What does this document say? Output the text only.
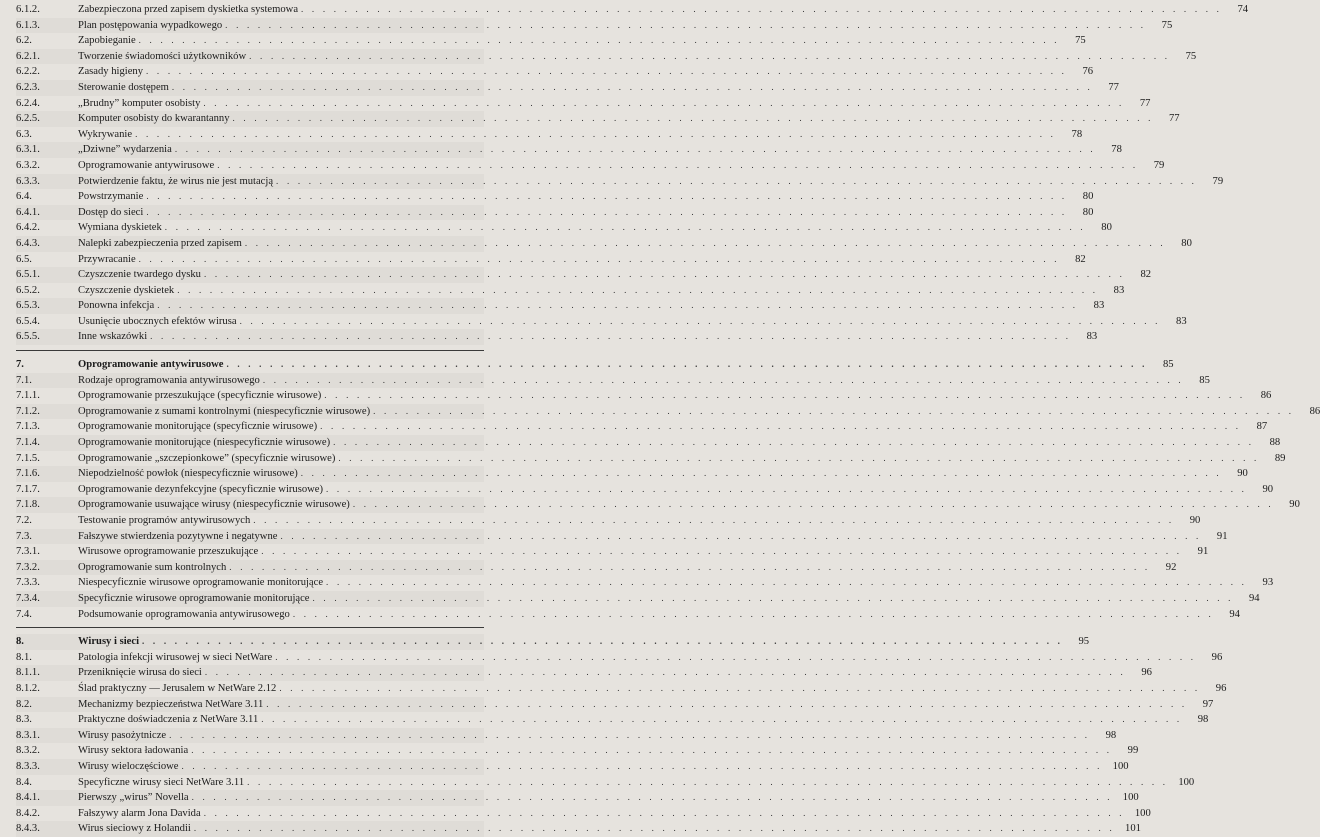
6.1.2.	Zabezpieczona przed zapisem dyskietka systemowa . . . . . . . . . . . . . . . . . . . . . . . . . . . . . . . . . . . . . . . . . . . . . . . . . . . . . . . . . . . . . . . . . . . . . . . . . . . . . . . . . . . . .	74
6.1.3.	Plan postępowania wypadkowego . . . . . . . . . . . . . . . . . . . . . . . . . . . . . . . . . . . . . . . . . . . . . . . . . . . . . . . . . . . . . . . . . . . . . . . . . . . . . . . . . . . . .	75
6.2.	Zapobieganie . . . . . . . . . . . . . . . . . . . . . . . . . . . . . . . . . . . . . . . . . . . . . . . . . . . . . . . . . . . . . . . . . . . . . . . . . . . . . . . . . . . . .	75
6.2.1.	Tworzenie świadomości użytkowników . . . . . . . . . . . . . . . . . . . . . . . . . . . . . . . . . . . . . . . . . . . . . . . . . . . . . . . . . . . . . . . . . . . . . . . . . . . . . . . . . . . . .	75
6.2.2.	Zasady higieny . . . . . . . . . . . . . . . . . . . . . . . . . . . . . . . . . . . . . . . . . . . . . . . . . . . . . . . . . . . . . . . . . . . . . . . . . . . . . . . . . . . . .	76
6.2.3.	Sterowanie dostępem . . . . . . . . . . . . . . . . . . . . . . . . . . . . . . . . . . . . . . . . . . . . . . . . . . . . . . . . . . . . . . . . . . . . . . . . . . . . . . . . . . . . .	77
6.2.4.	„Brudny” komputer osobisty . . . . . . . . . . . . . . . . . . . . . . . . . . . . . . . . . . . . . . . . . . . . . . . . . . . . . . . . . . . . . . . . . . . . . . . . . . . . . . . . . . . . .	77
6.2.5.	Komputer osobisty do kwarantanny . . . . . . . . . . . . . . . . . . . . . . . . . . . . . . . . . . . . . . . . . . . . . . . . . . . . . . . . . . . . . . . . . . . . . . . . . . . . . . . . . . . . .	77
6.3.	Wykrywanie . . . . . . . . . . . . . . . . . . . . . . . . . . . . . . . . . . . . . . . . . . . . . . . . . . . . . . . . . . . . . . . . . . . . . . . . . . . . . . . . . . . . .	78
6.3.1.	„Dziwne” wydarzenia . . . . . . . . . . . . . . . . . . . . . . . . . . . . . . . . . . . . . . . . . . . . . . . . . . . . . . . . . . . . . . . . . . . . . . . . . . . . . . . . . . . . .	78
6.3.2.	Oprogramowanie antywirusowe . . . . . . . . . . . . . . . . . . . . . . . . . . . . . . . . . . . . . . . . . . . . . . . . . . . . . . . . . . . . . . . . . . . . . . . . . . . . . . . . . . . . .	79
6.3.3.	Potwierdzenie faktu, że wirus nie jest mutacją . . . . . . . . . . . . . . . . . . . . . . . . . . . . . . . . . . . . . . . . . . . . . . . . . . . . . . . . . . . . . . . . . . . . . . . . . . . . . . . . . . . . .	79
6.4.	Powstrzymanie . . . . . . . . . . . . . . . . . . . . . . . . . . . . . . . . . . . . . . . . . . . . . . . . . . . . . . . . . . . . . . . . . . . . . . . . . . . . . . . . . . . . .	80
6.4.1.	Dostęp do sieci . . . . . . . . . . . . . . . . . . . . . . . . . . . . . . . . . . . . . . . . . . . . . . . . . . . . . . . . . . . . . . . . . . . . . . . . . . . . . . . . . . . . .	80
6.4.2.	Wymiana dyskietek . . . . . . . . . . . . . . . . . . . . . . . . . . . . . . . . . . . . . . . . . . . . . . . . . . . . . . . . . . . . . . . . . . . . . . . . . . . . . . . . . . . . .	80
6.4.3.	Nalepki zabezpieczenia przed zapisem . . . . . . . . . . . . . . . . . . . . . . . . . . . . . . . . . . . . . . . . . . . . . . . . . . . . . . . . . . . . . . . . . . . . . . . . . . . . . . . . . . . . .	80
6.5.	Przywracanie . . . . . . . . . . . . . . . . . . . . . . . . . . . . . . . . . . . . . . . . . . . . . . . . . . . . . . . . . . . . . . . . . . . . . . . . . . . . . . . . . . . . .	82
6.5.1.	Czyszczenie twardego dysku . . . . . . . . . . . . . . . . . . . . . . . . . . . . . . . . . . . . . . . . . . . . . . . . . . . . . . . . . . . . . . . . . . . . . . . . . . . . . . . . . . . . .	82
6.5.2.	Czyszczenie dyskietek . . . . . . . . . . . . . . . . . . . . . . . . . . . . . . . . . . . . . . . . . . . . . . . . . . . . . . . . . . . . . . . . . . . . . . . . . . . . . . . . . . . . .	83
6.5.3.	Ponowna infekcja . . . . . . . . . . . . . . . . . . . . . . . . . . . . . . . . . . . . . . . . . . . . . . . . . . . . . . . . . . . . . . . . . . . . . . . . . . . . . . . . . . . . .	83
6.5.4.	Usunięcie ubocznych efektów wirusa . . . . . . . . . . . . . . . . . . . . . . . . . . . . . . . . . . . . . . . . . . . . . . . . . . . . . . . . . . . . . . . . . . . . . . . . . . . . . . . . . . . . .	83
6.5.5.	Inne wskazówki . . . . . . . . . . . . . . . . . . . . . . . . . . . . . . . . . . . . . . . . . . . . . . . . . . . . . . . . . . . . . . . . . . . . . . . . . . . . . . . . . . . . .	83
7.	Oprogramowanie antywirusowe . . . . . . . . . . . . . . . . . . . . . . . . . . . . . . . . . . . . . . . . . . . . . . . . . . . . . . . . . . . . . . . . . . . . . . . . . . . . . . . . . . . . .	85
7.1.	Rodzaje oprogramowania antywirusowego . . . . . . . . . . . . . . . . . . . . . . . . . . . . . . . . . . . . . . . . . . . . . . . . . . . . . . . . . . . . . . . . . . . . . . . . . . . . . . . . . . . . .	85
7.1.1.	Oprogramowanie przeszukujące (specyficznie wirusowe) . . . . . . . . . . . . . . . . . . . . . . . . . . . . . . . . . . . . . . . . . . . . . . . . . . . . . . . . . . . . . . . . . . . . . . . . . . . . . . . . . . . . .	86
7.1.2.	Oprogramowanie z sumami kontrolnymi (niespecyficznie wirusowe) . . . . . . . . . . . . . . . . . . . . . . . . . . . . . . . . . . . . . . . . . . . . . . . . . . . . . . . . . . . . . . . . . . . . . . . . . . . . . . . . . . . . .	86
7.1.3.	Oprogramowanie monitorujące (specyficznie wirusowe) . . . . . . . . . . . . . . . . . . . . . . . . . . . . . . . . . . . . . . . . . . . . . . . . . . . . . . . . . . . . . . . . . . . . . . . . . . . . . . . . . . . . .	87
7.1.4.	Oprogramowanie monitorujące (niespecyficznie wirusowe) . . . . . . . . . . . . . . . . . . . . . . . . . . . . . . . . . . . . . . . . . . . . . . . . . . . . . . . . . . . . . . . . . . . . . . . . . . . . . . . . . . . . .	88
7.1.5.	Oprogramowanie „szczepionkowe” (specyficznie wirusowe) . . . . . . . . . . . . . . . . . . . . . . . . . . . . . . . . . . . . . . . . . . . . . . . . . . . . . . . . . . . . . . . . . . . . . . . . . . . . . . . . . . . . .	89
7.1.6.	Niepodzielność powłok (niespecyficznie wirusowe) . . . . . . . . . . . . . . . . . . . . . . . . . . . . . . . . . . . . . . . . . . . . . . . . . . . . . . . . . . . . . . . . . . . . . . . . . . . . . . . . . . . . .	90
7.1.7.	Oprogramowanie dezynfekcyjne (specyficznie wirusowe) . . . . . . . . . . . . . . . . . . . . . . . . . . . . . . . . . . . . . . . . . . . . . . . . . . . . . . . . . . . . . . . . . . . . . . . . . . . . . . . . . . . . .	90
7.1.8.	Oprogramowanie usuwające wirusy (niespecyficznie wirusowe) . . . . . . . . . . . . . . . . . . . . . . . . . . . . . . . . . . . . . . . . . . . . . . . . . . . . . . . . . . . . . . . . . . . . . . . . . . . . . . . . . . . . .	90
7.2.	Testowanie programów antywirusowych . . . . . . . . . . . . . . . . . . . . . . . . . . . . . . . . . . . . . . . . . . . . . . . . . . . . . . . . . . . . . . . . . . . . . . . . . . . . . . . . . . . . .	90
7.3.	Fałszywe stwierdzenia pozytywne i negatywne . . . . . . . . . . . . . . . . . . . . . . . . . . . . . . . . . . . . . . . . . . . . . . . . . . . . . . . . . . . . . . . . . . . . . . . . . . . . . . . . . . . . .	91
7.3.1.	Wirusowe oprogramowanie przeszukujące . . . . . . . . . . . . . . . . . . . . . . . . . . . . . . . . . . . . . . . . . . . . . . . . . . . . . . . . . . . . . . . . . . . . . . . . . . . . . . . . . . . . .	91
7.3.2.	Oprogramowanie sum kontrolnych . . . . . . . . . . . . . . . . . . . . . . . . . . . . . . . . . . . . . . . . . . . . . . . . . . . . . . . . . . . . . . . . . . . . . . . . . . . . . . . . . . . . .	92
7.3.3.	Niespecyficznie wirusowe oprogramowanie monitorujące . . . . . . . . . . . . . . . . . . . . . . . . . . . . . . . . . . . . . . . . . . . . . . . . . . . . . . . . . . . . . . . . . . . . . . . . . . . . . . . . . . . . .	93
7.3.4.	Specyficznie wirusowe oprogramowanie monitorujące . . . . . . . . . . . . . . . . . . . . . . . . . . . . . . . . . . . . . . . . . . . . . . . . . . . . . . . . . . . . . . . . . . . . . . . . . . . . . . . . . . . . .	94
7.4.	Podsumowanie oprogramowania antywirusowego . . . . . . . . . . . . . . . . . . . . . . . . . . . . . . . . . . . . . . . . . . . . . . . . . . . . . . . . . . . . . . . . . . . . . . . . . . . . . . . . . . . . .	94
8.	Wirusy i sieci . . . . . . . . . . . . . . . . . . . . . . . . . . . . . . . . . . . . . . . . . . . . . . . . . . . . . . . . . . . . . . . . . . . . . . . . . . . . . . . . . . . . .	95
8.1.	Patologia infekcji wirusowej w sieci NetWare . . . . . . . . . . . . . . . . . . . . . . . . . . . . . . . . . . . . . . . . . . . . . . . . . . . . . . . . . . . . . . . . . . . . . . . . . . . . . . . . . . . . .	96
8.1.1.	Przeniknięcie wirusa do sieci . . . . . . . . . . . . . . . . . . . . . . . . . . . . . . . . . . . . . . . . . . . . . . . . . . . . . . . . . . . . . . . . . . . . . . . . . . . . . . . . . . . . .	96
8.1.2.	Ślad praktyczny — Jerusalem w NetWare 2.12 . . . . . . . . . . . . . . . . . . . . . . . . . . . . . . . . . . . . . . . . . . . . . . . . . . . . . . . . . . . . . . . . . . . . . . . . . . . . . . . . . . . . .	96
8.2.	Mechanizmy bezpieczeństwa NetWare 3.11 . . . . . . . . . . . . . . . . . . . . . . . . . . . . . . . . . . . . . . . . . . . . . . . . . . . . . . . . . . . . . . . . . . . . . . . . . . . . . . . . . . . . .	97
8.3.	Praktyczne doświadczenia z NetWare 3.11 . . . . . . . . . . . . . . . . . . . . . . . . . . . . . . . . . . . . . . . . . . . . . . . . . . . . . . . . . . . . . . . . . . . . . . . . . . . . . . . . . . . . .	98
8.3.1.	Wirusy pasożytnicze . . . . . . . . . . . . . . . . . . . . . . . . . . . . . . . . . . . . . . . . . . . . . . . . . . . . . . . . . . . . . . . . . . . . . . . . . . . . . . . . . . . . .	98
8.3.2.	Wirusy sektora ładowania . . . . . . . . . . . . . . . . . . . . . . . . . . . . . . . . . . . . . . . . . . . . . . . . . . . . . . . . . . . . . . . . . . . . . . . . . . . . . . . . . . . . .	99
8.3.3.	Wirusy wieloczęściowe . . . . . . . . . . . . . . . . . . . . . . . . . . . . . . . . . . . . . . . . . . . . . . . . . . . . . . . . . . . . . . . . . . . . . . . . . . . . . . . . . . . . . 100
8.4.	Specyficzne wirusy sieci NetWare 3.11 . . . . . . . . . . . . . . . . . . . . . . . . . . . . . . . . . . . . . . . . . . . . . . . . . . . . . . . . . . . . . . . . . . . . . . . . . . . . . . . . . . . . . 100
8.4.1.	Pierwszy „wirus” Novella . . . . . . . . . . . . . . . . . . . . . . . . . . . . . . . . . . . . . . . . . . . . . . . . . . . . . . . . . . . . . . . . . . . . . . . . . . . . . . . . . . . . . 100
8.4.2.	Fałszywy alarm Jona Davida . . . . . . . . . . . . . . . . . . . . . . . . . . . . . . . . . . . . . . . . . . . . . . . . . . . . . . . . . . . . . . . . . . . . . . . . . . . . . . . . . . . . . 100
8.4.3.	Wirus sieciowy z Holandii . . . . . . . . . . . . . . . . . . . . . . . . . . . . . . . . . . . . . . . . . . . . . . . . . . . . . . . . . . . . . . . . . . . . . . . . . . . . . . . . . . . . . 101
